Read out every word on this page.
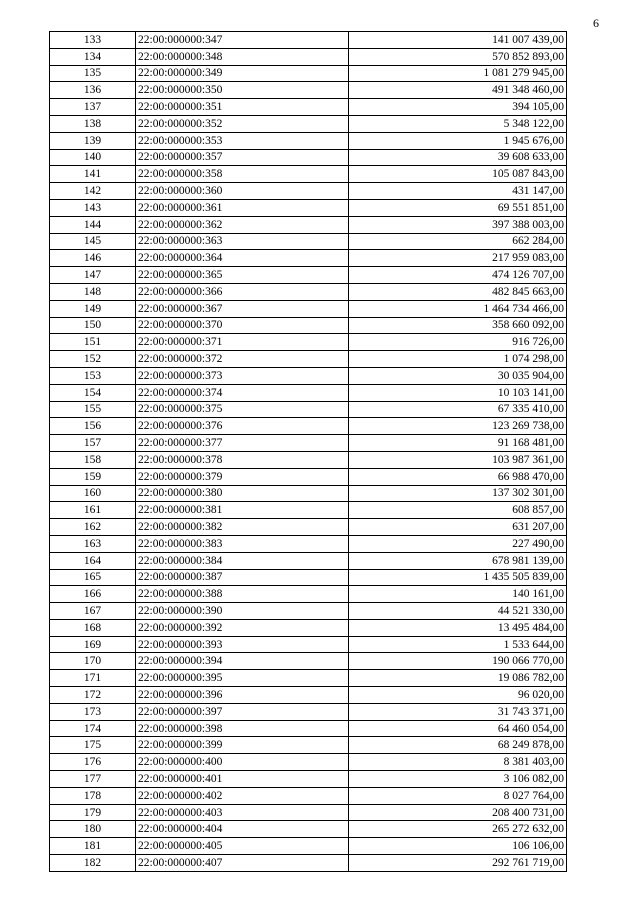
6
133	22:00:000000:347	141 007 439,00
134	22:00:000000:348	570 852 893,00
135	22:00:000000:349	1 081 279 945,00
136	22:00:000000:350	491 348 460,00
137	22:00:000000:351	394 105,00
138	22:00:000000:352	5 348 122,00
139	22:00:000000:353	1 945 676,00
140	22:00:000000:357	39 608 633,00
141	22:00:000000:358	105 087 843,00
142	22:00:000000:360	431 147,00
143	22:00:000000:361	69 551 851,00
144	22:00:000000:362	397 388 003,00
145	22:00:000000:363	662 284,00
146	22:00:000000:364	217 959 083,00
147	22:00:000000:365	474 126 707,00
148	22:00:000000:366	482 845 663,00
149	22:00:000000:367	1 464 734 466,00
150	22:00:000000:370	358 660 092,00
151	22:00:000000:371	916 726,00
152	22:00:000000:372	1 074 298,00
153	22:00:000000:373	30 035 904,00
154	22:00:000000:374	10 103 141,00
155	22:00:000000:375	67 335 410,00
156	22:00:000000:376	123 269 738,00
157	22:00:000000:377	91 168 481,00
158	22:00:000000:378	103 987 361,00
159	22:00:000000:379	66 988 470,00
160	22:00:000000:380	137 302 301,00
161	22:00:000000:381	608 857,00
162	22:00:000000:382	631 207,00
163	22:00:000000:383	227 490,00
164	22:00:000000:384	678 981 139,00
165	22:00:000000:387	1 435 505 839,00
166	22:00:000000:388	140 161,00
167	22:00:000000:390	44 521 330,00
168	22:00:000000:392	13 495 484,00
169	22:00:000000:393	1 533 644,00
170	22:00:000000:394	190 066 770,00
171	22:00:000000:395	19 086 782,00
172	22:00:000000:396	96 020,00
173	22:00:000000:397	31 743 371,00
174	22:00:000000:398	64 460 054,00
175	22:00:000000:399	68 249 878,00
176	22:00:000000:400	8 381 403,00
177	22:00:000000:401	3 106 082,00
178	22:00:000000:402	8 027 764,00
179	22:00:000000:403	208 400 731,00
180	22:00:000000:404	265 272 632,00
181	22:00:000000:405	106 106,00
182	22:00:000000:407	292 761 719,00
